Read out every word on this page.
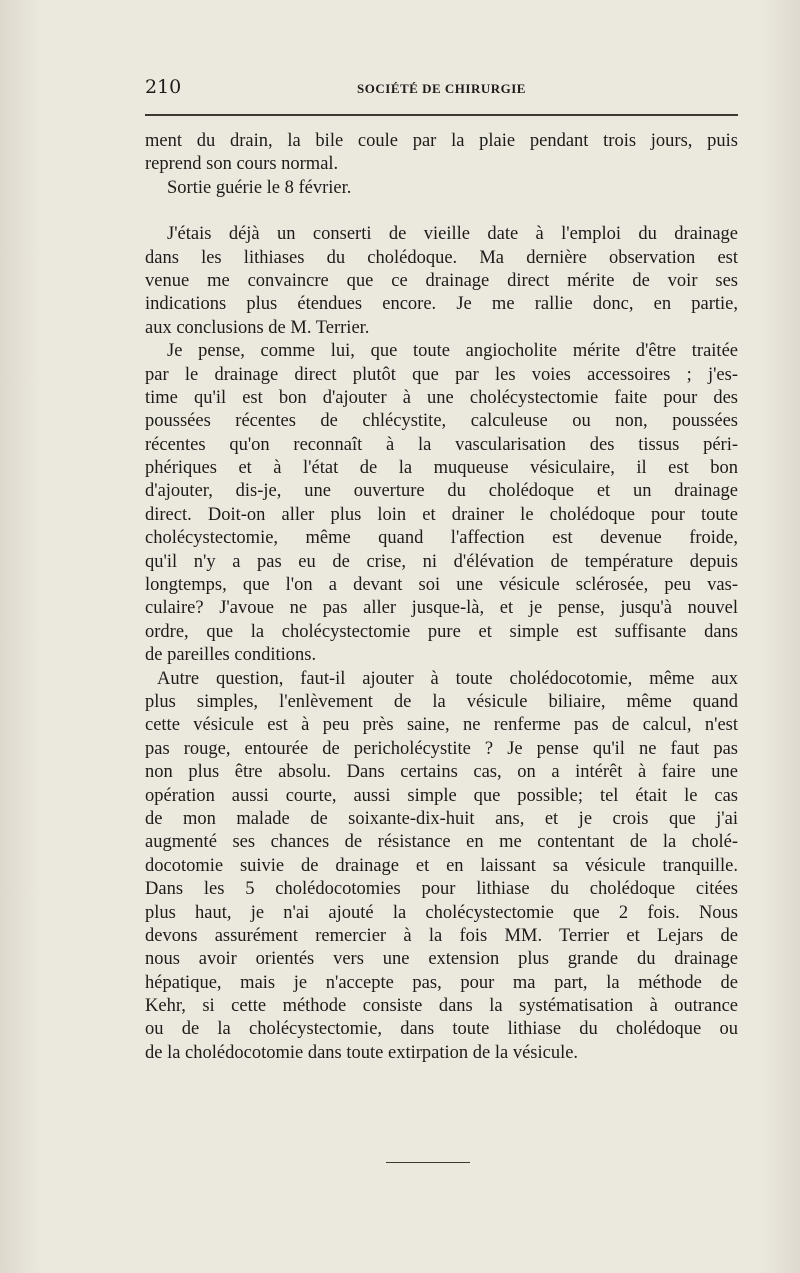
210	SOCIÉTÉ DE CHIRURGIE

ment du drain, la bile coule par la plaie pendant trois jours, puis
reprend son cours normal.

Sortie guérie le 8 février.

J'étais déjà un conserti de vieille date à l'emploi du drainage
dans les lithiases du cholédoque. Ma dernière observation est
venue me convaincre que ce drainage direct mérite de voir ses
indications plus étendues encore. Je me rallie donc, en partie,
aux conclusions de M. Terrier.

Je pense, comme lui, que toute angiocholite mérite d'être traitée
par le drainage direct plutôt que par les voies accessoires ; j'es-
time qu'il est bon d'ajouter à une cholécystectomie faite pour des
poussées récentes de chlécystite, calculeuse ou non, poussées
récentes qu'on reconnaît à la vascularisation des tissus péri-
phériques et à l'état de la muqueuse vésiculaire, il est bon
d'ajouter, dis-je, une ouverture du cholédoque et un drainage
direct. Doit-on aller plus loin et drainer le cholédoque pour toute
cholécystectomie, même quand l'affection est devenue froide,
qu'il n'y a pas eu de crise, ni d'élévation de température depuis
longtemps, que l'on a devant soi une vésicule sclérosée, peu vas-
culaire? J'avoue ne pas aller jusque-là, et je pense, jusqu'à nouvel
ordre, que la cholécystectomie pure et simple est suffisante dans
de pareilles conditions.

Autre question, faut-il ajouter à toute cholédocotomie, même aux
plus simples, l'enlèvement de la vésicule biliaire, même quand
cette vésicule est à peu près saine, ne renferme pas de calcul, n'est
pas rouge, entourée de pericholécystite ? Je pense qu'il ne faut pas
non plus être absolu. Dans certains cas, on a intérêt à faire une
opération aussi courte, aussi simple que possible; tel était le cas
de mon malade de soixante-dix-huit ans, et je crois que j'ai
augmenté ses chances de résistance en me contentant de la cholé-
docotomie suivie de drainage et en laissant sa vésicule tranquille.
Dans les 5 cholédocotomies pour lithiase du cholédoque citées
plus haut, je n'ai ajouté la cholécystectomie que 2 fois. Nous
devons assurément remercier à la fois MM. Terrier et Lejars de
nous avoir orientés vers une extension plus grande du drainage
hépatique, mais je n'accepte pas, pour ma part, la méthode de
Kehr, si cette méthode consiste dans la systématisation à outrance
ou de la cholécystectomie, dans toute lithiase du cholédoque ou
de la cholédocotomie dans toute extirpation de la vésicule.
